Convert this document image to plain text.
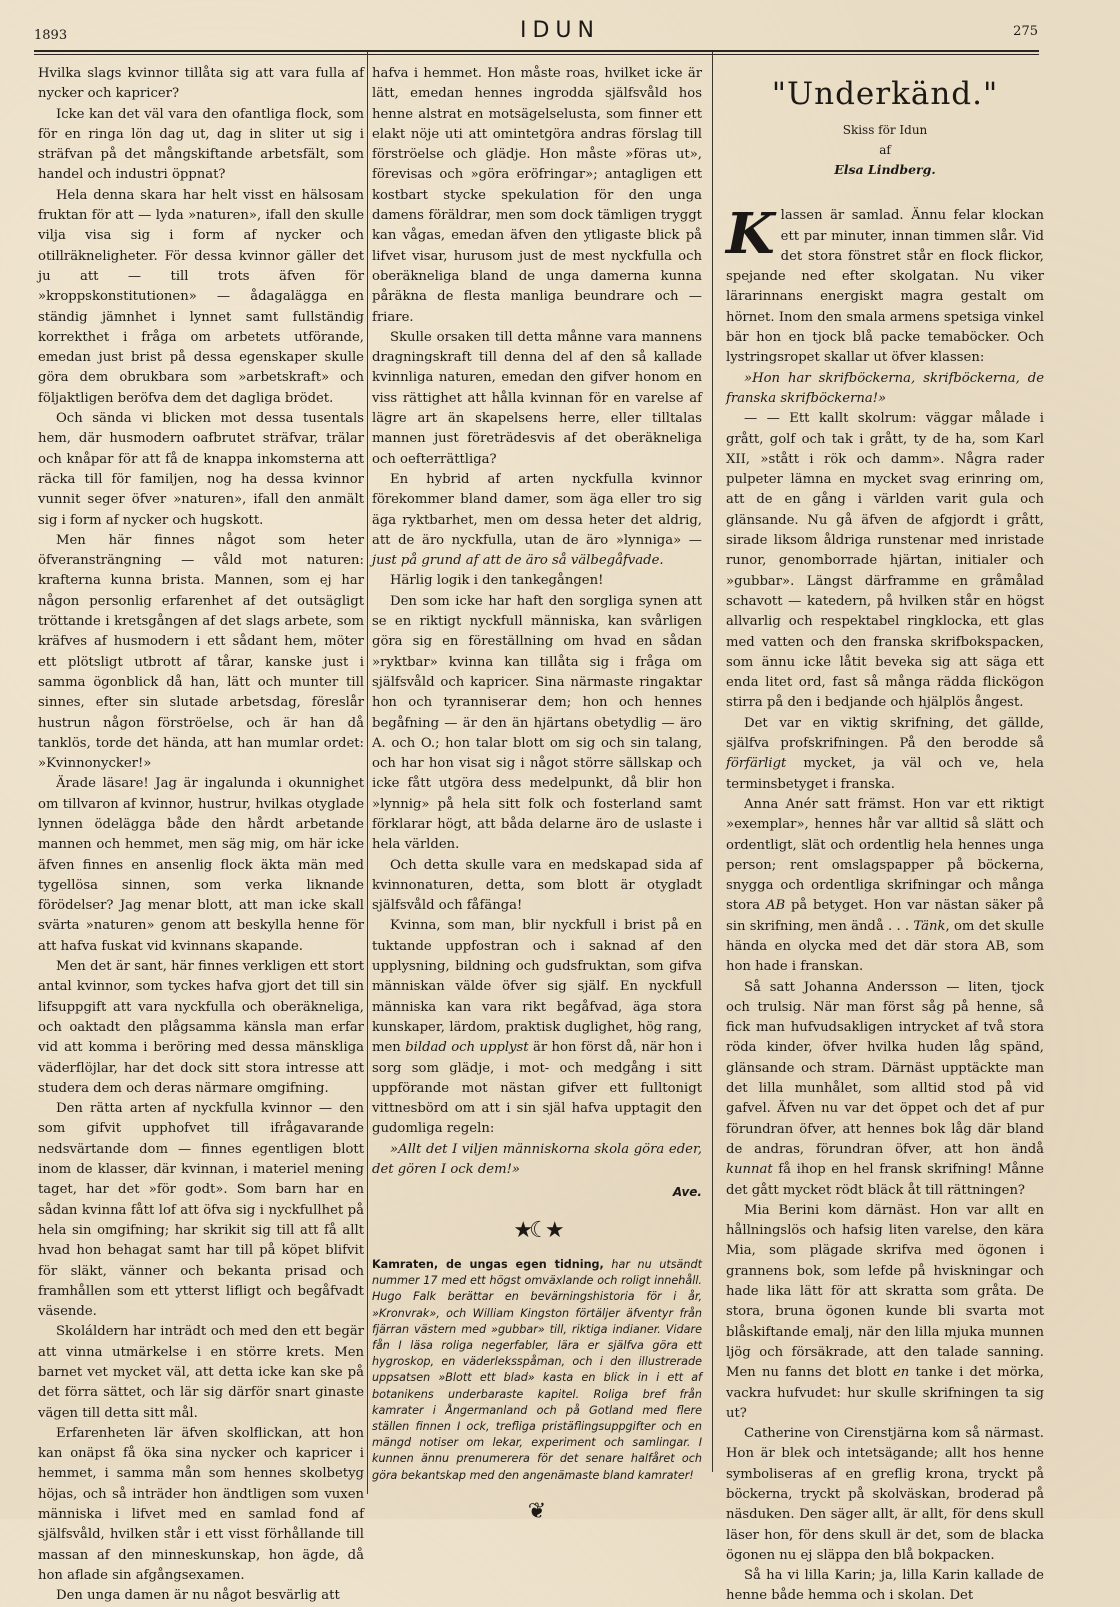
1893	IDUN	275

Hvilka slags kvinnor tillåta sig att vara fulla af nycker och kapricer?

Icke kan det väl vara den ofantliga flock, som för en ringa lön dag ut, dag in sliter ut sig i sträfvan på det mångskiftande arbetsfält, som handel och industri öppnat?

Hela denna skara har helt visst en hälsosam fruktan för att — lyda »naturen», ifall den skulle vilja visa sig i form af nycker och otillräkneligheter. För dessa kvinnor gäller det ju att — till trots äfven för »kroppskonstitutionen» — ådagalägga en ständig jämnhet i lynnet samt fullständig korrekthet i fråga om arbetets utförande, emedan just brist på dessa egenskaper skulle göra dem obrukbara som »arbetskraft» och följaktligen beröfva dem det dagliga brödet.

Och sända vi blicken mot dessa tusentals hem, där husmodern oafbrutet sträfvar, trälar och knåpar för att få de knappa inkomsterna att räcka till för familjen, nog ha dessa kvinnor vunnit seger öfver »naturen», ifall den anmält sig i form af nycker och hugskott.

Men här finnes något som heter öfveransträngning — våld mot naturen: krafterna kunna brista. Mannen, som ej har någon personlig erfarenhet af det outsägligt tröttande i kretsgången af det slags arbete, som kräfves af husmodern i ett sådant hem, möter ett plötsligt utbrott af tårar, kanske just i samma ögonblick då han, lätt och munter till sinnes, efter sin slutade arbetsdag, föreslår hustrun någon förströelse, och är han då tanklös, torde det hända, att han mumlar ordet: »Kvinnonycker!»

Ärade läsare! Jag är ingalunda i okunnighet om tillvaron af kvinnor, hustrur, hvilkas otyglade lynnen ödelägga både den hårdt arbetande mannen och hemmet, men säg mig, om här icke äfven finnes en ansenlig flock äkta män med tygellösa sinnen, som verka liknande förödelser? Jag menar blott, att man icke skall svärta »naturen» genom att beskylla henne för att hafva fuskat vid kvinnans skapande.

Men det är sant, här finnes verkligen ett stort antal kvinnor, som tyckes hafva gjort det till sin lifsuppgift att vara nyckfulla och oberäkneliga, och oaktadt den plågsamma känsla man erfar vid att komma i beröring med dessa mänskliga väderflöjlar, har det dock sitt stora intresse att studera dem och deras närmare omgifning.

Den rätta arten af nyckfulla kvinnor — den som gifvit upphofvet till ifrågavarande nedsvärtande dom — finnes egentligen blott inom de klasser, där kvinnan, i materiel mening taget, har det »för godt». Som barn har en sådan kvinna fått lof att öfva sig i nyckfullhet på hela sin omgifning; har skrikit sig till att få allt hvad hon behagat samt har till på köpet blifvit för släkt, vänner och bekanta prisad och framhållen som ett ytterst lifligt och begåfvadt väsende.

Skoláldern har inträdt och med den ett begär att vinna utmärkelse i en större krets. Men barnet vet mycket väl, att detta icke kan ske på det förra sättet, och lär sig därför snart ginaste vägen till detta sitt mål.

Erfarenheten lär äfven skolflickan, att hon kan onäpst få öka sina nycker och kapricer i hemmet, i samma mån som hennes skolbetyg höjas, och så inträder hon ändtligen som vuxen människa i lifvet med en samlad fond af själfsvåld, hvilken står i ett visst förhållande till massan af den minneskunskap, hon ägde, då hon aflade sin afgångsexamen.

Den unga damen är nu något besvärlig att

hafva i hemmet. Hon måste roas, hvilket icke är lätt, emedan hennes ingrodda själfsvåld hos henne alstrat en motsägelselusta, som finner ett elakt nöje uti att omintetgöra andras förslag till förströelse och glädje. Hon måste »föras ut», förevisas och »göra eröfringar»; antagligen ett kostbart stycke spekulation för den unga damens föräldrar, men som dock tämligen tryggt kan vågas, emedan äfven den ytligaste blick på lifvet visar, hurusom just de mest nyckfulla och oberäkneliga bland de unga damerna kunna påräkna de flesta manliga beundrare och — friare.

Skulle orsaken till detta månne vara mannens dragningskraft till denna del af den så kallade kvinnliga naturen, emedan den gifver honom en viss rättighet att hålla kvinnan för en varelse af lägre art än skapelsens herre, eller tilltalas mannen just företrädesvis af det oberäkneliga och oefterrättliga?

En hybrid af arten nyckfulla kvinnor förekommer bland damer, som äga eller tro sig äga ryktbarhet, men om dessa heter det aldrig, att de äro nyckfulla, utan de äro »lynniga» — just på grund af att de äro så välbegåfvade.

Härlig logik i den tankegången!

Den som icke har haft den sorgliga synen att se en riktigt nyckfull människa, kan svårligen göra sig en föreställning om hvad en sådan »ryktbar» kvinna kan tillåta sig i fråga om själfsvåld och kapricer. Sina närmaste ringaktar hon och tyranniserar dem; hon och hennes begåfning — är den än hjärtans obetydlig — äro A. och O.; hon talar blott om sig och sin talang, och har hon visat sig i något större sällskap och icke fått utgöra dess medelpunkt, då blir hon »lynnig» på hela sitt folk och fosterland samt förklarar högt, att båda delarne äro de uslaste i hela världen.

Och detta skulle vara en medskapad sida af kvinnonaturen, detta, som blott är otygladt själfsvåld och fåfänga!

Kvinna, som man, blir nyckfull i brist på en tuktande uppfostran och i saknad af den upplysning, bildning och gudsfruktan, som gifva människan välde öfver sig själf. En nyckfull människa kan vara rikt begåfvad, äga stora kunskaper, lärdom, praktisk duglighet, hög rang, men bildad och upplyst är hon först då, när hon i sorg som glädje, i mot- och medgång i sitt uppförande mot nästan gifver ett fulltonigt vittnesbörd om att i sin själ hafva upptagit den gudomliga regeln:

»Allt det I viljen människorna skola göra eder, det gören I ock dem!»

Ave.
★☾★

Kamraten, de ungas egen tidning, har nu utsändt nummer 17 med ett högst omväxlande och roligt innehåll. Hugo Falk berättar en bevärningshistoria för i år, »Kronvrak», och William Kingston förtäljer äfventyr från fjärran västern med »gubbar» till, riktiga indianer. Vidare fån I läsa roliga negerfabler, lära er själfva göra ett hygroskop, en väderleksspåman, och i den illustrerade uppsatsen »Blott ett blad» kasta en blick in i ett af botanikens underbaraste kapitel. Roliga bref från kamrater i Ångermanland och på Gotland med flere ställen finnen I ock, trefliga pristäflingsuppgifter och en mängd notiser om lekar, experiment och samlingar. I kunnen ännu prenumerera för det senare halfåret och göra bekantskap med den angenämaste bland kamrater!

❦
"Underkänd."
Skiss för Idun
af
Elsa Lindberg.

Klassen är samlad. Ännu felar klockan ett par minuter, innan timmen slår. Vid det stora fönstret står en flock flickor, spejande ned efter skolgatan. Nu viker lärarinnans energiskt magra gestalt om hörnet. Inom den smala armens spetsiga vinkel bär hon en tjock blå packe temaböcker. Och lystringsropet skallar ut öfver klassen:

»Hon har skrifböckerna, skrifböckerna, de franska skrifböckerna!»

— — Ett kallt skolrum: väggar målade i grått, golf och tak i grått, ty de ha, som Karl XII, »stått i rök och damm». Några rader pulpeter lämna en mycket svag erinring om, att de en gång i världen varit gula och glänsande. Nu gå äfven de afgjordt i grått, sirade liksom åldriga runstenar med inristade runor, genomborrade hjärtan, initialer och »gubbar». Längst därframme en gråmålad schavott — katedern, på hvilken står en högst allvarlig och respektabel ringklocka, ett glas med vatten och den franska skrifbokspacken, som ännu icke låtit beveka sig att säga ett enda litet ord, fast så många rädda flickögon stirra på den i bedjande och hjälplös ångest.

Det var en viktig skrifning, det gällde, själfva profskrifningen. På den berodde så förfärligt mycket, ja väl och ve, hela terminsbetyget i franska.

Anna Anér satt främst. Hon var ett riktigt »exemplar», hennes hår var alltid så slätt och ordentligt, slät och ordentlig hela hennes unga person; rent omslagspapper på böckerna, snygga och ordentliga skrifningar och många stora AB på betyget. Hon var nästan säker på sin skrifning, men ändå . . . Tänk, om det skulle hända en olycka med det där stora AB, som hon hade i franskan.

Så satt Johanna Andersson — liten, tjock och trulsig. När man först såg på henne, så fick man hufvudsakligen intrycket af två stora röda kinder, öfver hvilka huden låg spänd, glänsande och stram. Därnäst upptäckte man det lilla munhålet, som alltid stod på vid gafvel. Äfven nu var det öppet och det af pur förundran öfver, att hennes bok låg där bland de andras, förundran öfver, att hon ändå kunnat få ihop en hel fransk skrifning! Månne det gått mycket rödt bläck åt till rättningen?

Mia Berini kom därnäst. Hon var allt en hållningslös och hafsig liten varelse, den kära Mia, som plägade skrifva med ögonen i grannens bok, som lefde på hviskningar och hade lika lätt för att skratta som gråta. De stora, bruna ögonen kunde bli svarta mot blåskiftande emalj, när den lilla mjuka munnen ljög och försäkrade, att den talade sanning. Men nu fanns det blott en tanke i det mörka, vackra hufvudet: hur skulle skrifningen ta sig ut?

Catherine von Cirenstjärna kom så närmast. Hon är blek och intetsägande; allt hos henne symboliseras af en greflig krona, tryckt på böckerna, tryckt på skolväskan, broderad på näsduken. Den säger allt, är allt, för dens skull läser hon, för dens skull är det, som de blacka ögonen nu ej släppa den blå bokpacken.

Så ha vi lilla Karin; ja, lilla Karin kallade de henne både hemma och i skolan. Det
